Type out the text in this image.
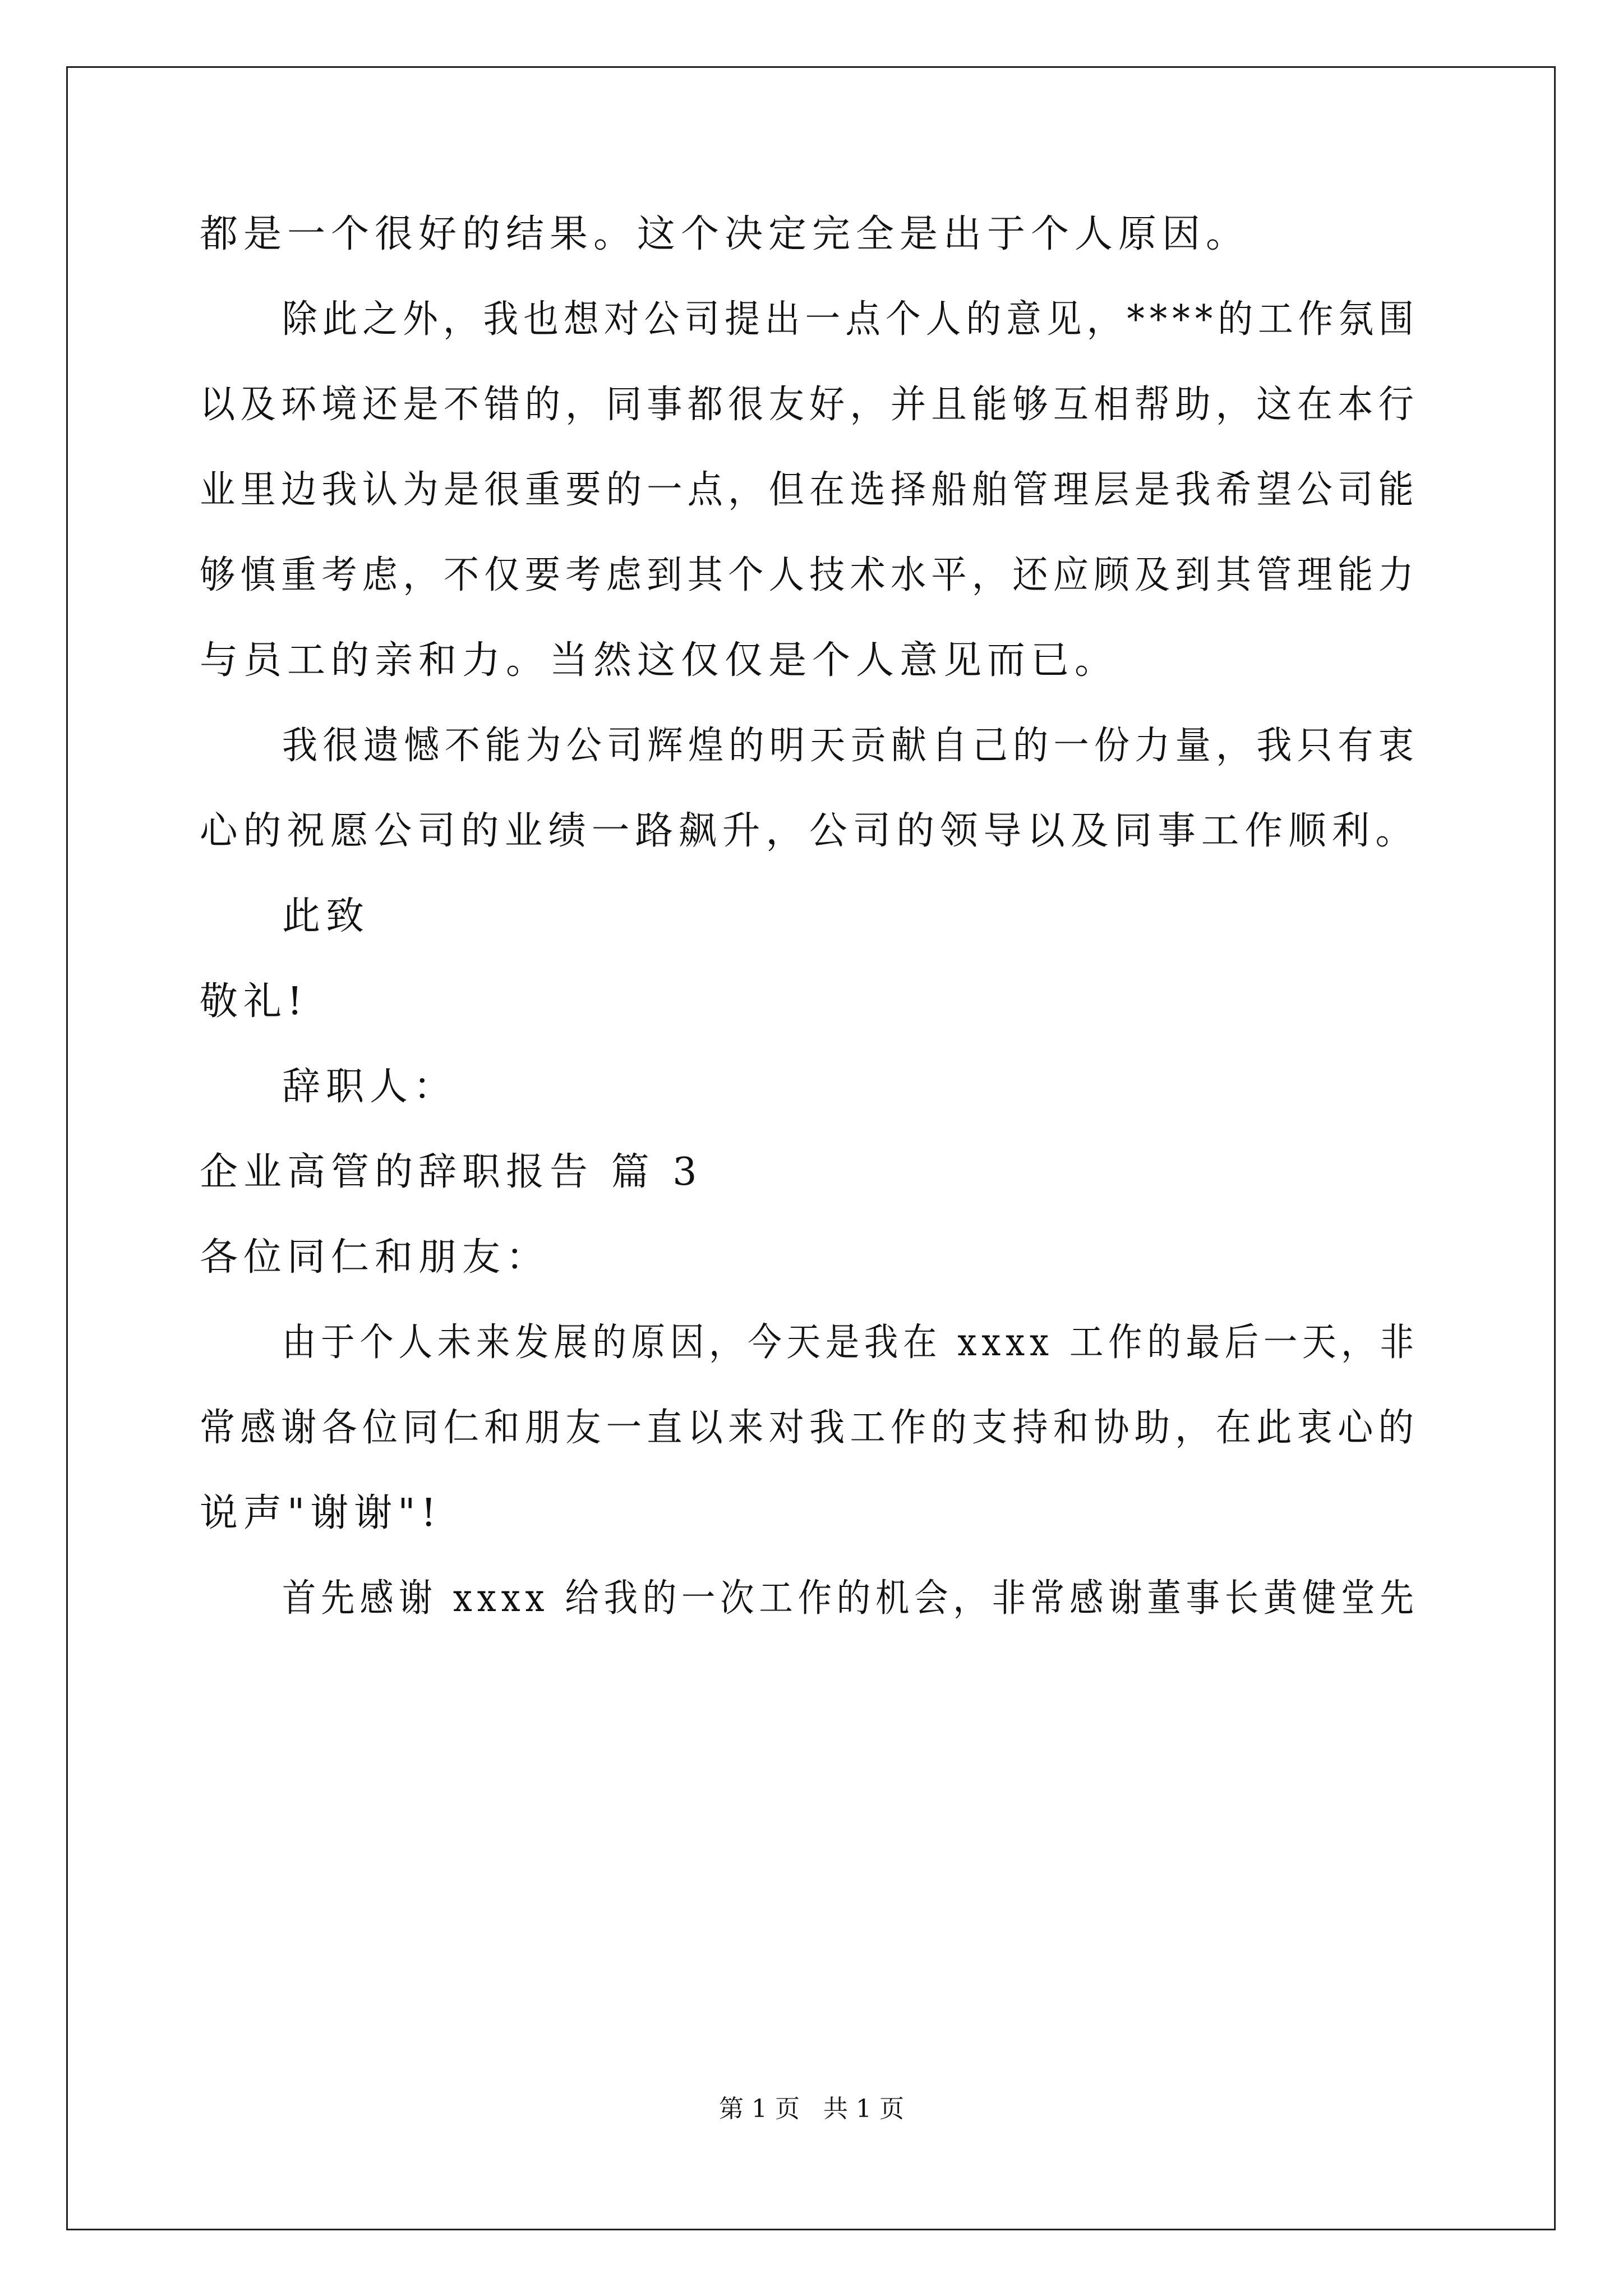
都是一个很好的结果。这个决定完全是出于个人原因。
除此之外，我也想对公司提出一点个人的意见，****的工作氛围
以及环境还是不错的，同事都很友好，并且能够互相帮助，这在本行
业里边我认为是很重要的一点，但在选择船舶管理层是我希望公司能
够慎重考虑，不仅要考虑到其个人技术水平，还应顾及到其管理能力
与员工的亲和力。当然这仅仅是个人意见而已。
我很遗憾不能为公司辉煌的明天贡献自己的一份力量，我只有衷
心的祝愿公司的业绩一路飙升，公司的领导以及同事工作顺利。
此致
敬礼!
辞职人：
企业高管的辞职报告 篇 3
各位同仁和朋友：
由于个人未来发展的原因，今天是我在 xxxx 工作的最后一天，非
常感谢各位同仁和朋友一直以来对我工作的支持和协助，在此衷心的
说声"谢谢"!
首先感谢 xxxx 给我的一次工作的机会，非常感谢董事长黄健堂先
第 1 页   共 1 页
